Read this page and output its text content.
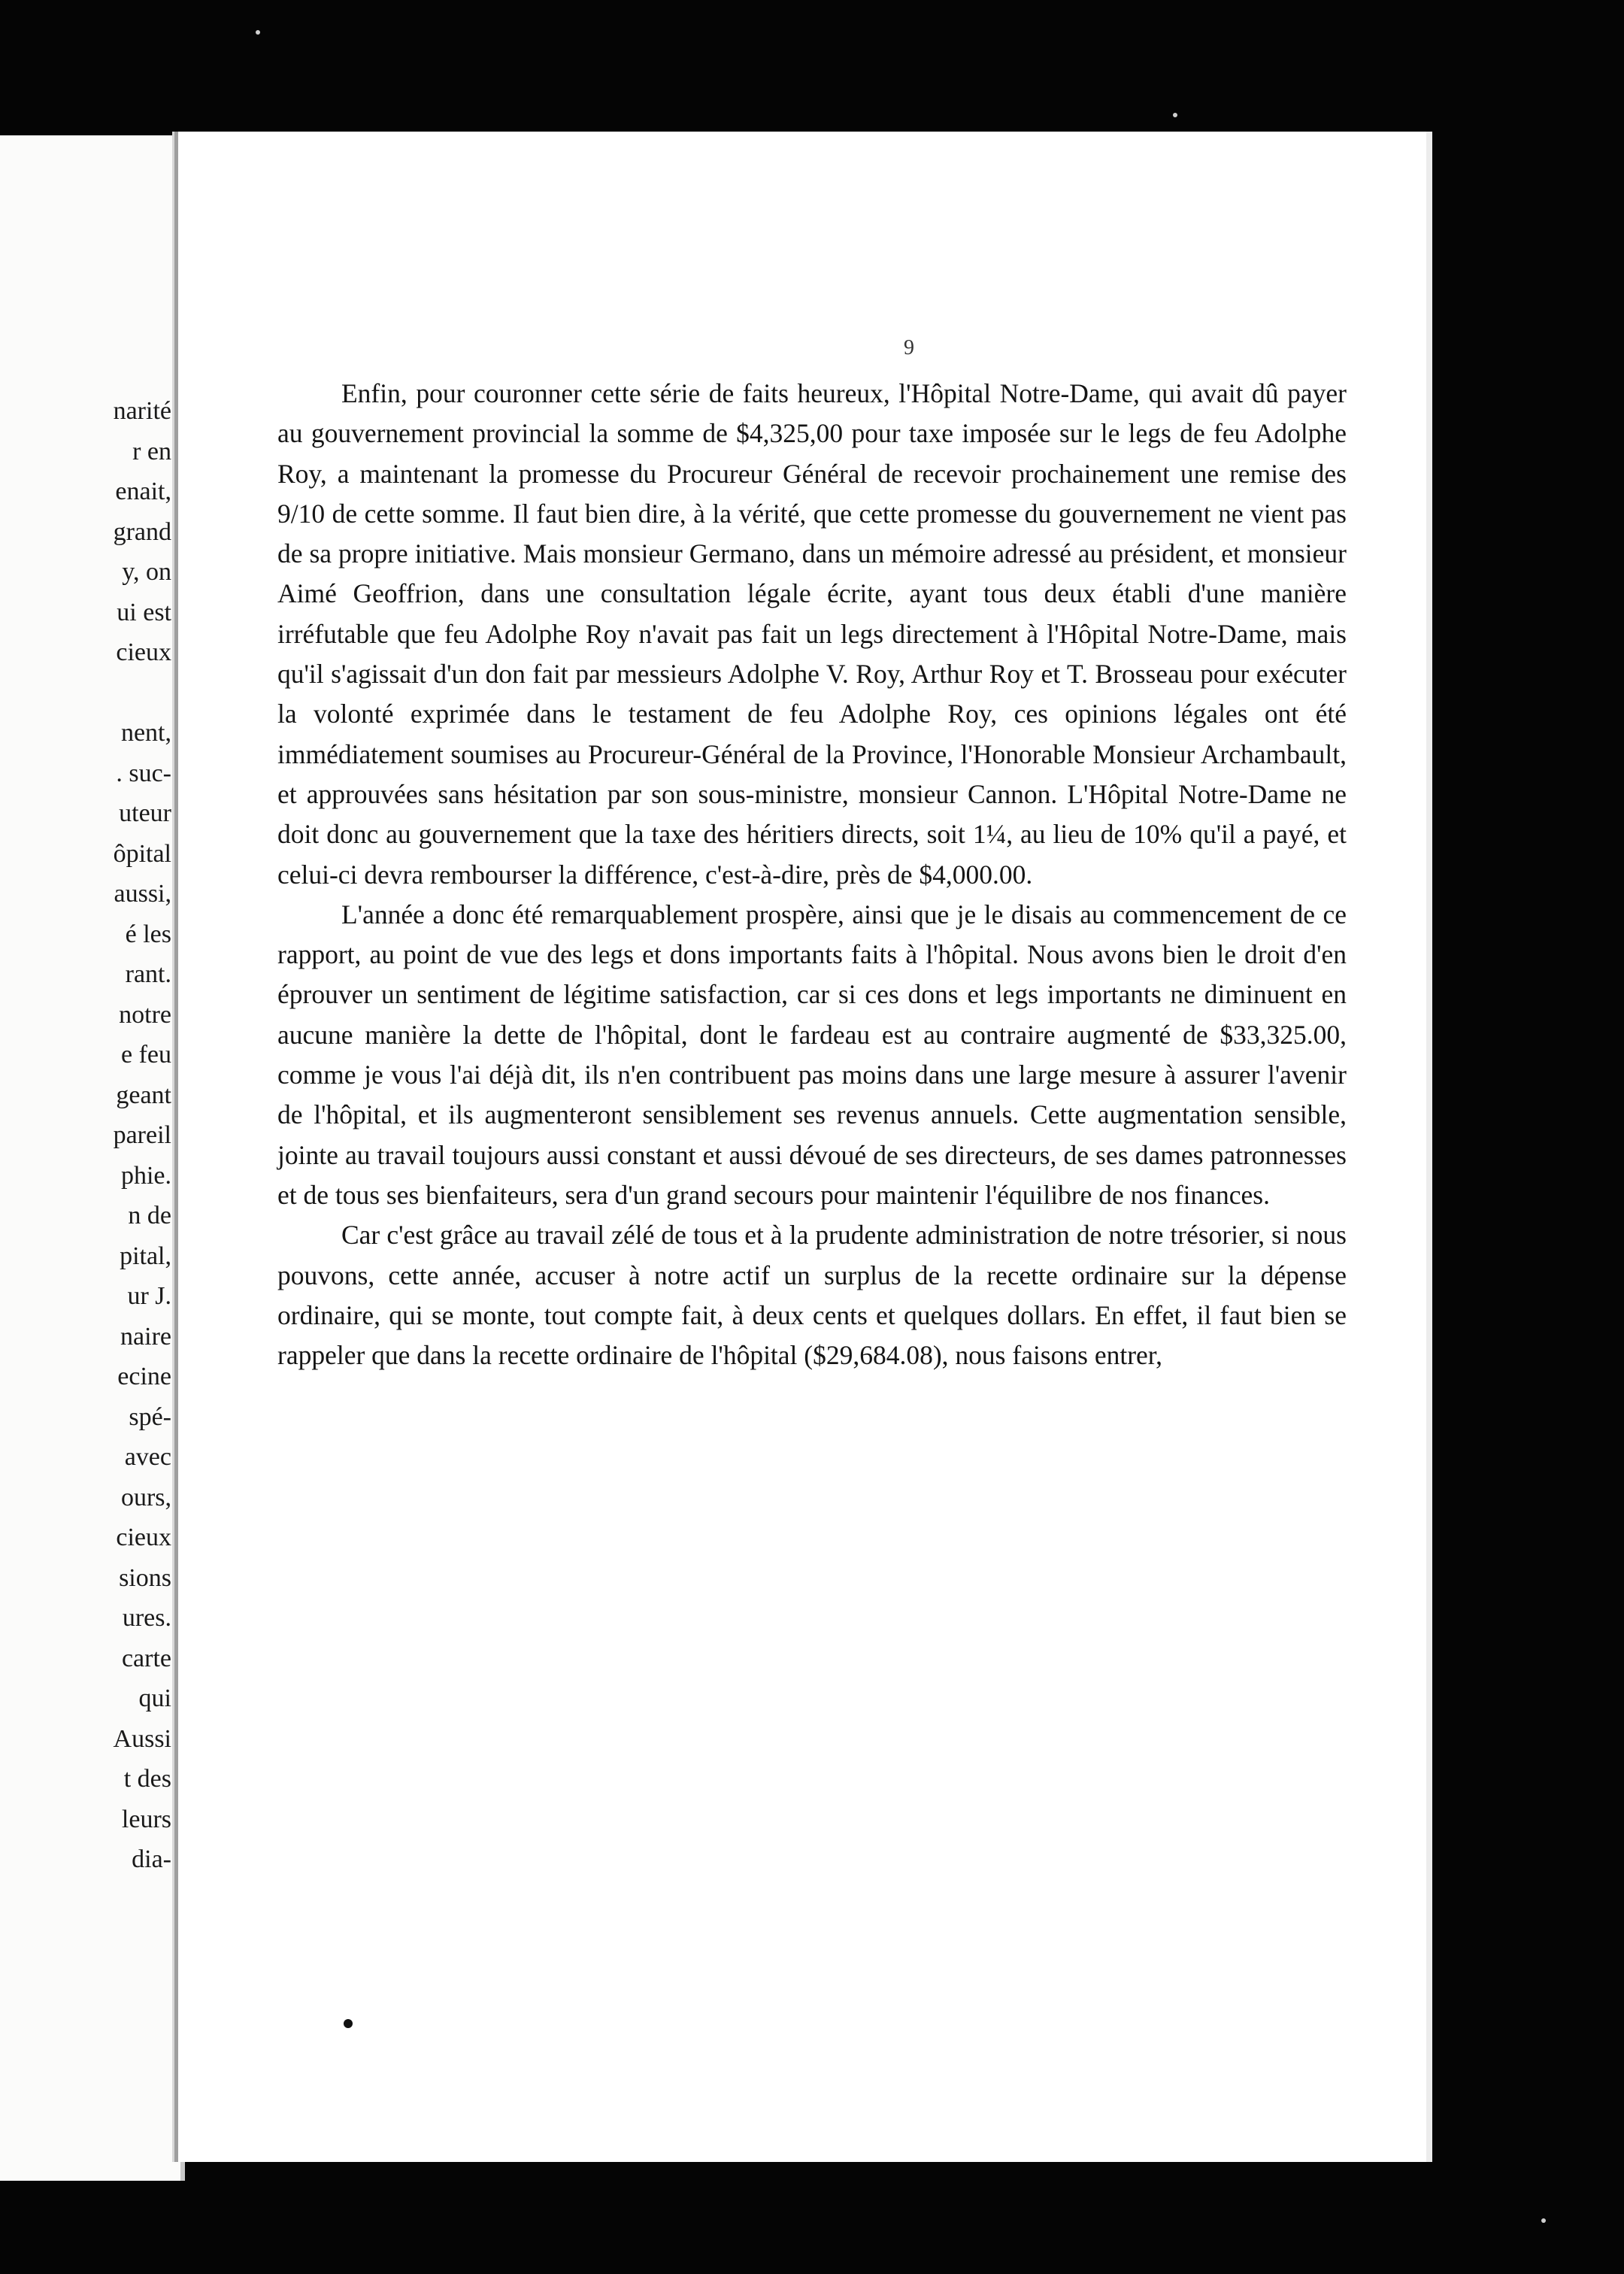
narité
r en
enait,
grand
y, on
ui est
cieux
nent,
. suc-
uteur
ôpital
aussi,
é les
rant.
notre
e feu
geant
pareil
phie.
n de
pital,
ur J.
naire
ecine
spé-
avec
ours,
cieux
sions
ures.
carte
qui
Aussi
t des
leurs
dia-
9

Enfin, pour couronner cette série de faits heureux, l'Hôpital Notre-Dame, qui avait dû payer au gouvernement provincial la somme de $4,325,00 pour taxe imposée sur le legs de feu Adolphe Roy, a maintenant la promesse du Procureur Général de recevoir prochainement une remise des 9/10 de cette somme. Il faut bien dire, à la vérité, que cette promesse du gouvernement ne vient pas de sa propre initiative. Mais monsieur Germano, dans un mémoire adressé au président, et monsieur Aimé Geoffrion, dans une consultation légale écrite, ayant tous deux établi d'une manière irréfutable que feu Adolphe Roy n'avait pas fait un legs directement à l'Hôpital Notre-Dame, mais qu'il s'agissait d'un don fait par messieurs Adolphe V. Roy, Arthur Roy et T. Brosseau pour exécuter la volonté exprimée dans le testament de feu Adolphe Roy, ces opinions légales ont été immédiatement soumises au Procureur-Général de la Province, l'Honorable Monsieur Archambault, et approuvées sans hésitation par son sous-ministre, monsieur Cannon. L'Hôpital Notre-Dame ne doit donc au gouvernement que la taxe des héritiers directs, soit 1¼, au lieu de 10% qu'il a payé, et celui-ci devra rembourser la différence, c'est-à-dire, près de $4,000.00.

L'année a donc été remarquablement prospère, ainsi que je le disais au commencement de ce rapport, au point de vue des legs et dons importants faits à l'hôpital. Nous avons bien le droit d'en éprouver un sentiment de légitime satisfaction, car si ces dons et legs importants ne diminuent en aucune manière la dette de l'hôpital, dont le fardeau est au contraire augmenté de $33,325.00, comme je vous l'ai déjà dit, ils n'en contribuent pas moins dans une large mesure à assurer l'avenir de l'hôpital, et ils augmenteront sensiblement ses revenus annuels. Cette augmentation sensible, jointe au travail toujours aussi constant et aussi dévoué de ses directeurs, de ses dames patronnesses et de tous ses bienfaiteurs, sera d'un grand secours pour maintenir l'équilibre de nos finances.

Car c'est grâce au travail zélé de tous et à la prudente administration de notre trésorier, si nous pouvons, cette année, accuser à notre actif un surplus de la recette ordinaire sur la dépense ordinaire, qui se monte, tout compte fait, à deux cents et quelques dollars. En effet, il faut bien se rappeler que dans la recette ordinaire de l'hôpital ($29,684.08), nous faisons entrer,
